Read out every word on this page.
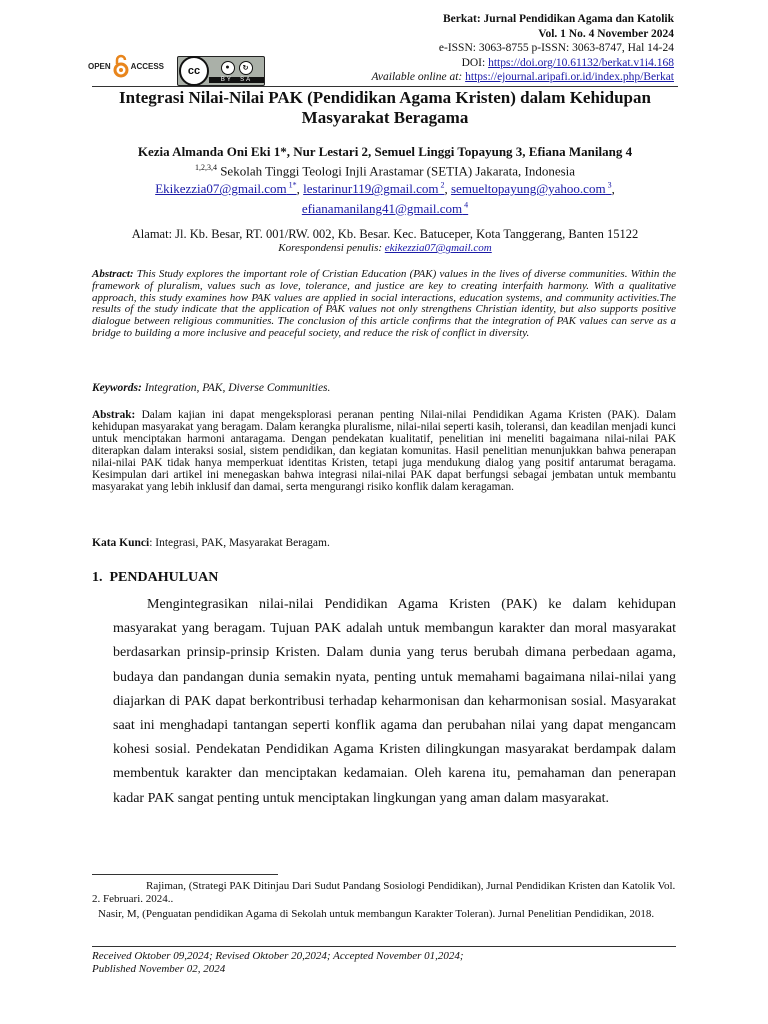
Berkat: Jurnal Pendidikan Agama dan Katolik
Vol. 1 No. 4 November 2024
e-ISSN: 3063-8755 p-ISSN: 3063-8747, Hal 14-24
DOI: https://doi.org/10.61132/berkat.v1i4.168
Available online at: https://ejournal.aripafi.or.id/index.php/Berkat
OPEN	ACCESS	cc	●	↻
BY SA
Integrasi Nilai-Nilai PAK (Pendidikan Agama Kristen) dalam Kehidupan Masyarakat Beragama
Kezia Almanda Oni Eki 1*, Nur Lestari 2, Semuel Linggi Topayung 3, Efiana Manilang 4
$^{1,2,3,4}$ Sekolah Tinggi Teologi Injli Arastamar (SETIA) Jakarata, Indonesia
Ekikezzia07@gmail.com $^{1*}$, lestarinur119@gmail.com $^2$, semueltopayung@yahoo.com $^3$,
efianamanilang41@gmail.com $^4$
Alamat: Jl. Kb. Besar, RT. 001/RW. 002, Kb. Besar. Kec. Batuceper, Kota Tanggerang, Banten 15122
Korespondensi penulis: ekikezzia07@gmail.com
Abstract: This Study explores the important role of Cristian Education (PAK) values in the lives of diverse communities. Within the framework of pluralism, values such as love, tolerance, and justice are key to creating interfaith harmony. With a qualitative approach, this study examines how PAK values are applied in social interactions, education systems, and community activities.The results of the study indicate that the application of PAK values not only strengthens Christian identity, but also supports positive dialogue between religious communities. The conclusion of this article confirms that the integration of PAK values can serve as a bridge to building a more inclusive and peaceful society, and reduce the risk of conflict in diversity.
Keywords: Integration, PAK, Diverse Communities.
Abstrak: Dalam kajian ini dapat mengeksplorasi peranan penting Nilai-nilai Pendidikan Agama Kristen (PAK). Dalam kehidupan masyarakat yang beragam. Dalam kerangka pluralisme, nilai-nilai seperti kasih, toleransi, dan keadilan menjadi kunci untuk menciptakan harmoni antaragama. Dengan pendekatan kualitatif, penelitian ini meneliti bagaimana nilai-nilai PAK diterapkan dalam interaksi sosial, sistem pendidikan, dan kegiatan komunitas. Hasil penelitian menunjukkan bahwa penerapan nilai-nilai PAK tidak hanya memperkuat identitas Kristen, tetapi juga mendukung dialog yang positif antarumat beragama. Kesimpulan dari artikel ini menegaskan bahwa integrasi nilai-nilai PAK dapat berfungsi sebagai jembatan untuk membantu masyarakat yang lebih inklusif dan damai, serta mengurangi risiko konflik dalam keragaman.
Kata Kunci: Integrasi, PAK, Masyarakat Beragam.
1. PENDAHULUAN

Mengintegrasikan nilai-nilai Pendidikan Agama Kristen (PAK) ke dalam kehidupan masyarakat yang beragam. Tujuan PAK adalah untuk membangun karakter dan moral masyarakat berdasarkan prinsip-prinsip Kristen. Dalam dunia yang terus berubah dimana perbedaan agama, budaya dan pandangan dunia semakin nyata, penting untuk memahami bagaimana nilai-nilai yang diajarkan di PAK dapat berkontribusi terhadap keharmonisan dan keharmonisan sosial. Masyarakat saat ini menghadapi tantangan seperti konflik agama dan perubahan nilai yang dapat mengancam kohesi sosial. Pendekatan Pendidikan Agama Kristen dilingkungan masyarakat berdampak dalam membentuk karakter dan menciptakan kedamaian. Oleh karena itu, pemahaman dan penerapan kadar PAK sangat penting untuk menciptakan lingkungan yang aman dalam masyarakat.

Rajiman, (Strategi PAK Ditinjau Dari Sudut Pandang Sosiologi Pendidikan), Jurnal Pendidikan Kristen dan Katolik Vol. 2. Februari. 2024..
Nasir, M, (Penguatan pendidikan Agama di Sekolah untuk membangun Karakter Toleran). Jurnal Penelitian Pendidikan, 2018.
Received Oktober 09,2024; Revised Oktober 20,2024; Accepted November 01,2024;
Published November 02, 2024
